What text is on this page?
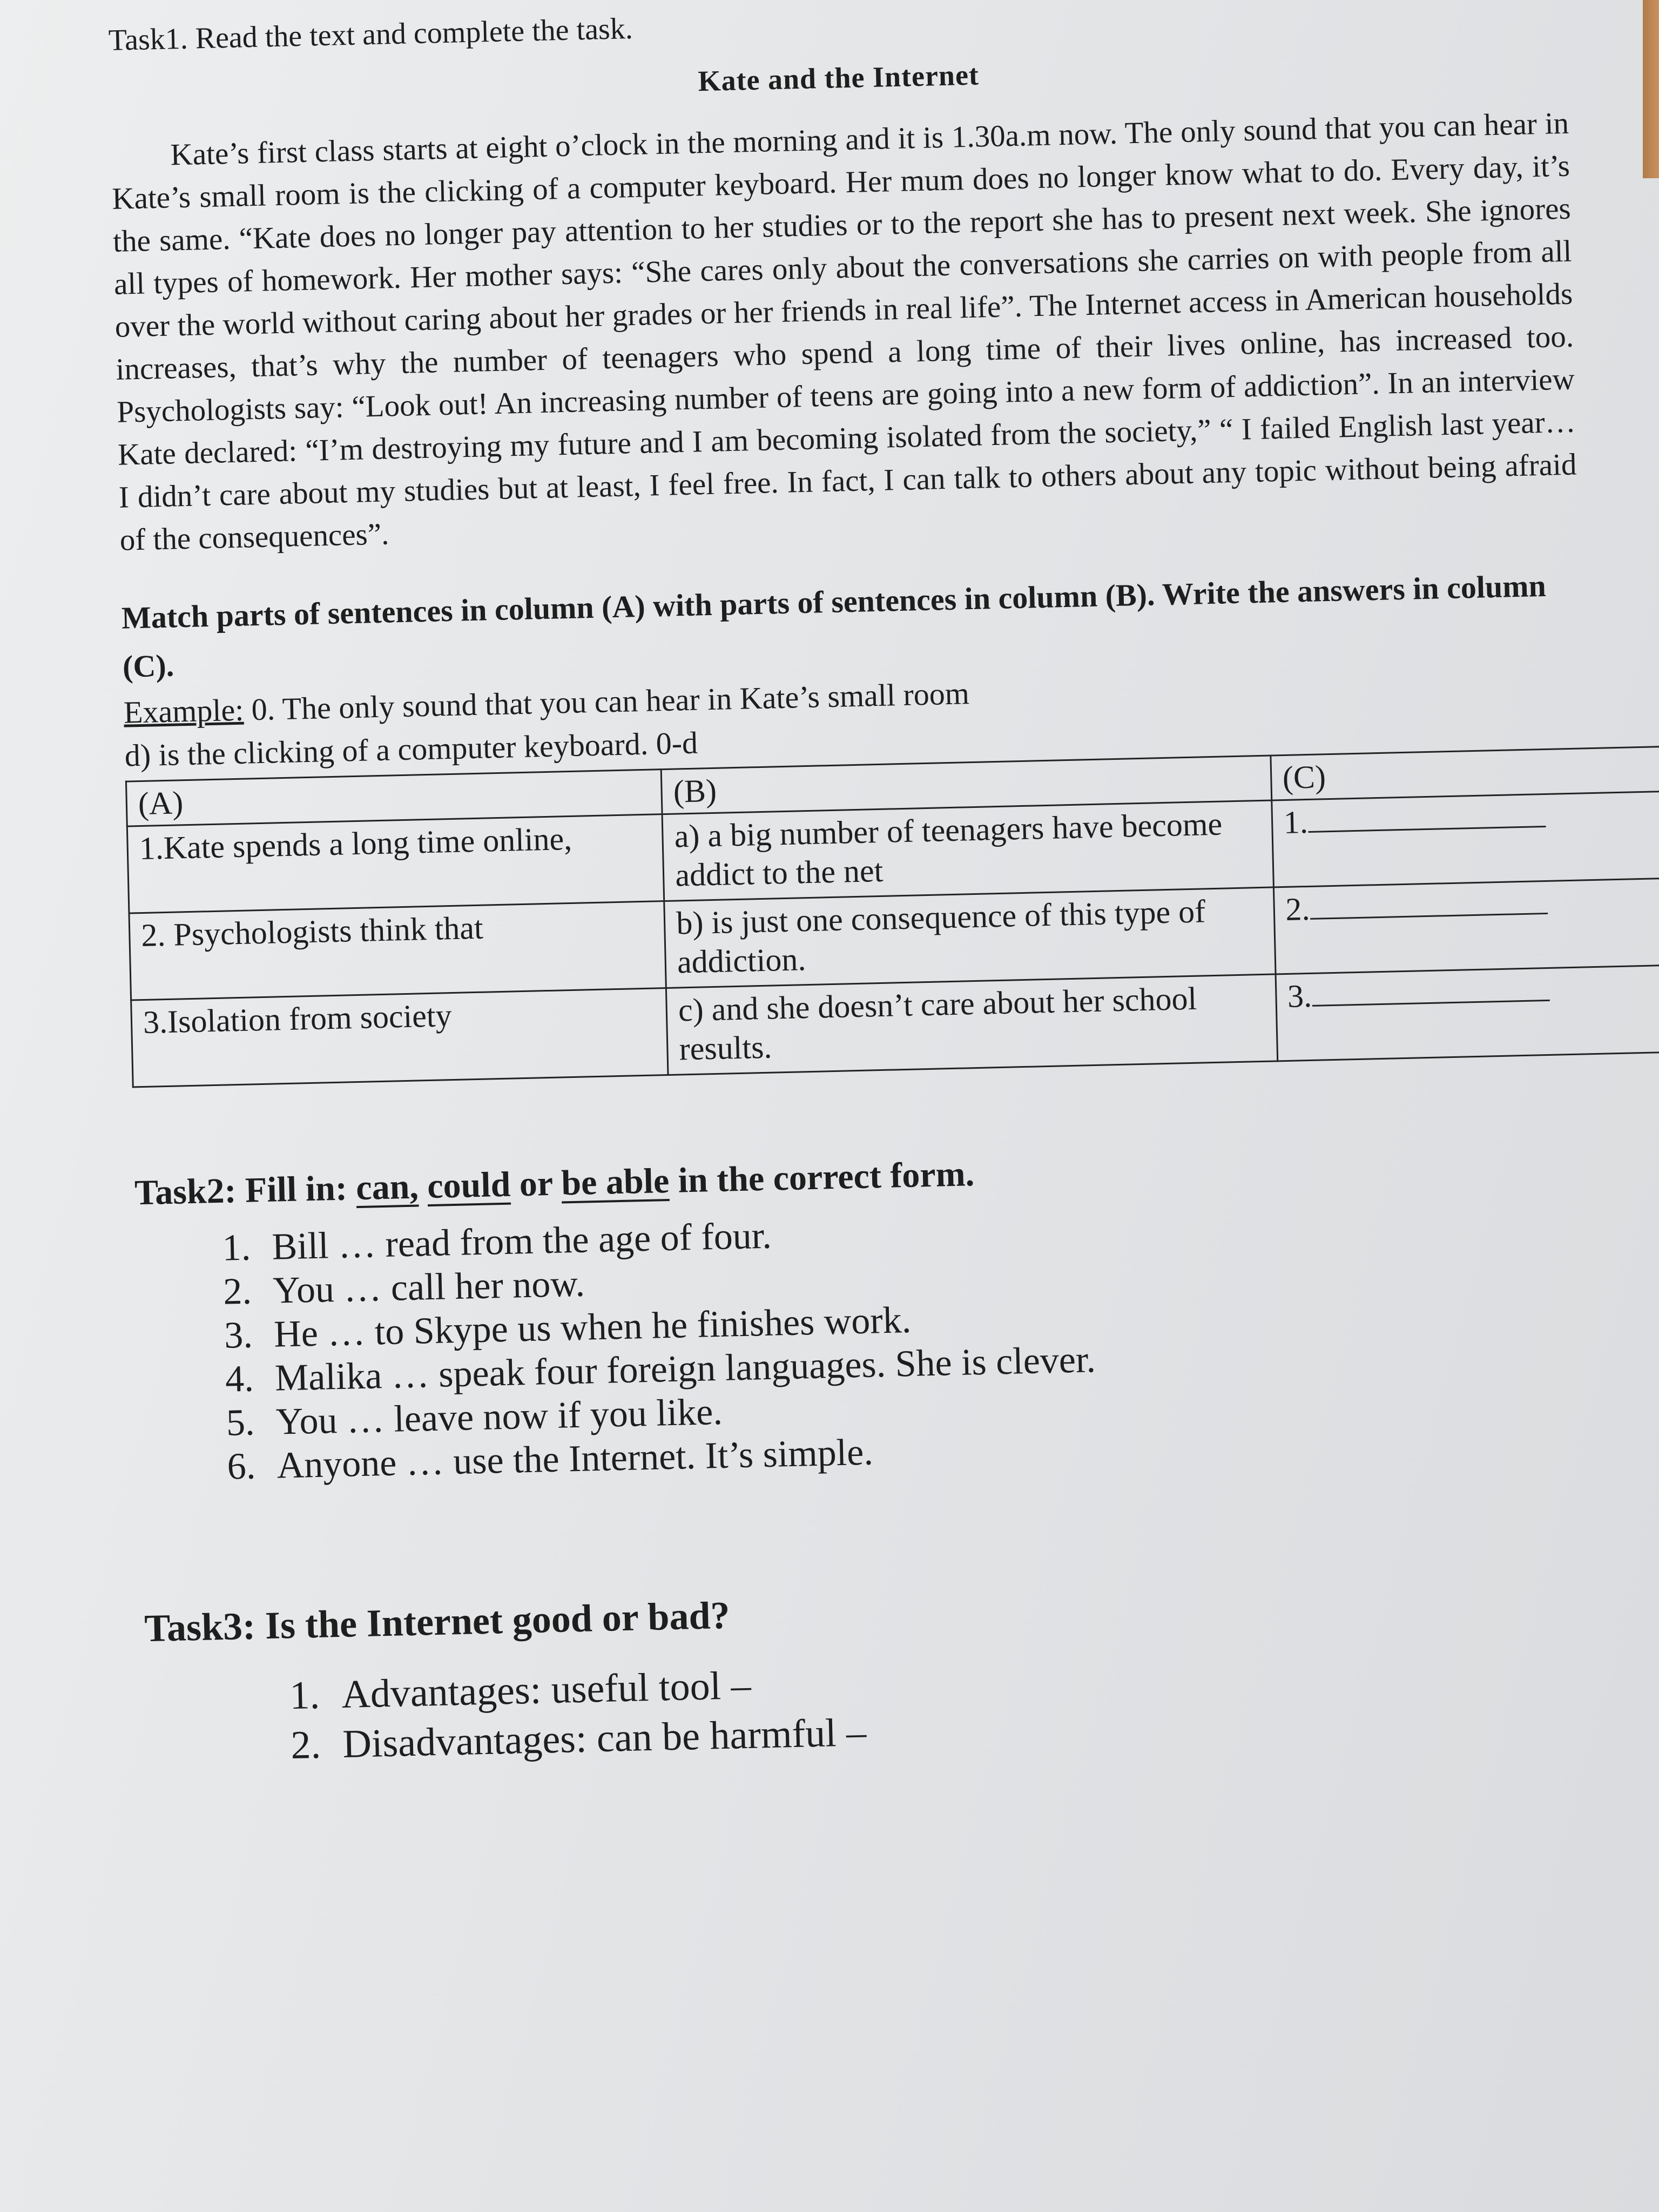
Task1. Read the text and complete the task.

Kate and the Internet

Kate’s first class starts at eight o’clock in the morning and it is 1.30a.m now. The only sound that you can hear in Kate’s small room is the clicking of a computer keyboard. Her mum does no longer know what to do. Every day, it’s the same. “Kate does no longer pay attention to her studies or to the report she has to present next week. She ignores all types of homework. Her mother says: “She cares only about the conversations she carries on with people from all over the world without caring about her grades or her friends in real life”. The Internet access in American households increases, that’s why the number of teenagers who spend a long time of their lives online, has increased too. Psychologists say: “Look out! An increasing number of teens are going into a new form of addiction”. In an interview Kate declared: “I’m destroying my future and I am becoming isolated from the society,” “ I failed English last year… I didn’t care about my studies but at least, I feel free. In fact, I can talk to others about any topic without being afraid of the consequences”.

Match parts of sentences in column (A) with parts of sentences in column (B). Write the answers in column (C).

Example: 0. The only sound that you can hear in Kate’s small room

d) is the clicking of a computer keyboard. 0-d

(A)	(B)	(C)
1.Kate spends a long time online,	a) a big number of teenagers have become addict to the net	1.
2. Psychologists think that	b) is just one consequence of this type of addiction.	2.
3.Isolation from society	c) and she doesn’t care about her school results.	3.

Task2: Fill in: can, could or be able in the correct form.

1. Bill … read from the age of four.
2. You … call her now.
3. He … to Skype us when he finishes work.
4. Malika … speak four foreign languages. She is clever.
5. You … leave now if you like.
6. Anyone … use the Internet. It’s simple.

Task3: Is the Internet good or bad?

1. Advantages: useful tool –
2. Disadvantages: can be harmful –
